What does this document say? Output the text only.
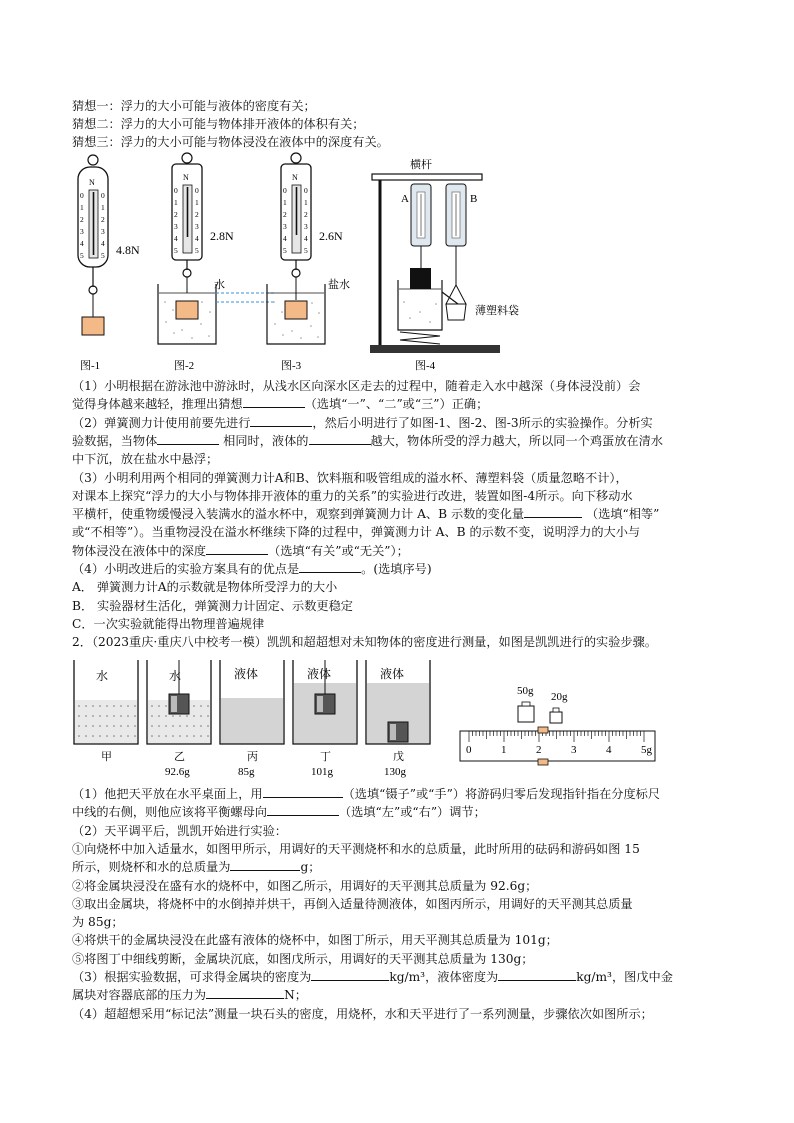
猜想一：浮力的大小可能与液体的密度有关；
猜想二：浮力的大小可能与物体排开液体的体积有关；
猜想三：浮力的大小可能与物体浸没在液体中的深度有关。
N
0
1
2
3
4
5
0
1
2
3
4
5 4.8N
N
0
1
2
3
4
5
0
1
2
3
4
5
2.8N
水
N
0
1
2
3
4
5
0
1
2
3
4
5
2.6N
盐水
横杆
A	B
薄塑料袋
图-1	图-2	图-3	图-4
（1）小明根据在游泳池中游泳时，从浅水区向深水区走去的过程中，随着走入水中越深（身体浸没前）会
觉得身体越来越轻，推理出猜想	（选填“一”、“二”或“三”）正确；
（2）弹簧测力计使用前要先进行	，然后小明进行了如图-1、图-2、图-3所示的实验操作。分析实
验数据，当物体	相同时，液体的	越大，物体所受的浮力越大，所以同一个鸡蛋放在清水
中下沉，放在盐水中悬浮；
（3）小明利用两个相同的弹簧测力计A和B、饮料瓶和吸管组成的溢水杯、薄塑料袋（质量忽略不计），
对课本上探究“浮力的大小与物体排开液体的重力的关系”的实验进行改进，装置如图-4所示。向下移动水
平横杆，使重物缓慢浸入装满水的溢水杯中，观察到弹簧测力计 A、B 示数的变化量	（选填“相等”
或“不相等”）。当重物浸没在溢水杯继续下降的过程中，弹簧测力计 A、B 的示数不变，说明浮力的大小与
物体浸没在液体中的深度	（选填“有关”或“无关”）；
（4）小明改进后的实验方案具有的优点是	。(选填序号)
A． 弹簧测力计A的示数就是物体所受浮力的大小
B． 实验器材生活化，弹簧测力计固定、示数更稳定
C．一次实验就能得出物理普遍规律
2．（2023重庆·重庆八中校考一模）凯凯和超超想对未知物体的密度进行测量，如图是凯凯进行的实验步骤。
水
甲
水
乙
92.6g
液体
丙
85g
液体
丁
101g
液体
戊
130g
50g 20g
0	1	2	3	4	5g
（1）他把天平放在水平桌面上，用	（选填“镊子”或“手”）将游码归零后发现指针指在分度标尺
中线的右侧，则他应该将平衡螺母向	（选填“左”或“右”）调节；
（2）天平调平后，凯凯开始进行实验：
①向烧杯中加入适量水，如图甲所示，用调好的天平测烧杯和水的总质量，此时所用的砝码和游码如图 15
所示，则烧杯和水的总质量为	g；
②将金属块浸没在盛有水的烧杯中，如图乙所示，用调好的天平测其总质量为 92.6g；
③取出金属块，将烧杯中的水倒掉并烘干，再倒入适量待测液体，如图丙所示，用调好的天平测其总质量
为 85g；
④将烘干的金属块浸没在此盛有液体的烧杯中，如图丁所示，用天平测其总质量为 101g；
⑤将图丁中细线剪断，金属块沉底，如图戊所示，用调好的天平测其总质量为 130g；
（3）根据实验数据，可求得金属块的密度为	kg/m³，液体密度为	kg/m³，图戊中金
属块对容器底部的压力为	N；
（4）超超想采用“标记法”测量一块石头的密度，用烧杯，水和天平进行了一系列测量，步骤依次如图所示；
